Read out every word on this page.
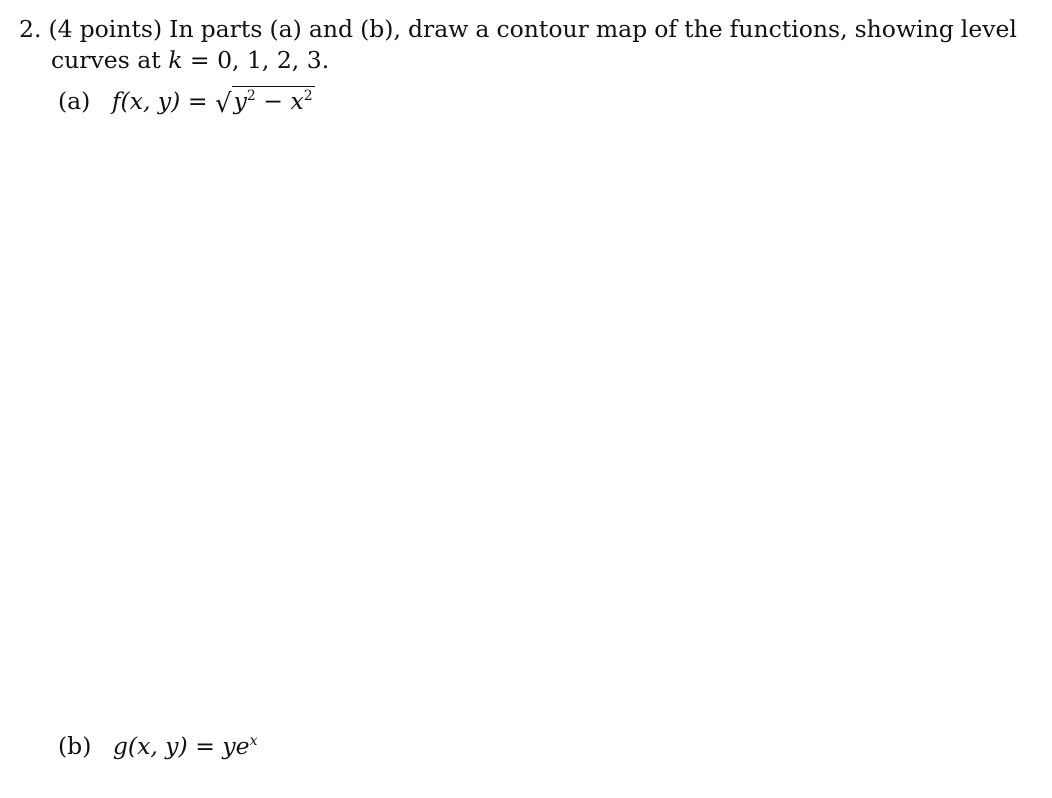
2. (4 points) In parts (a) and (b), draw a contour map of the functions, showing level
curves at k = 0, 1, 2, 3.
(a) f(x, y) = √ $y^2 - x^2$
(b) g(x, $y) = ye^x$
